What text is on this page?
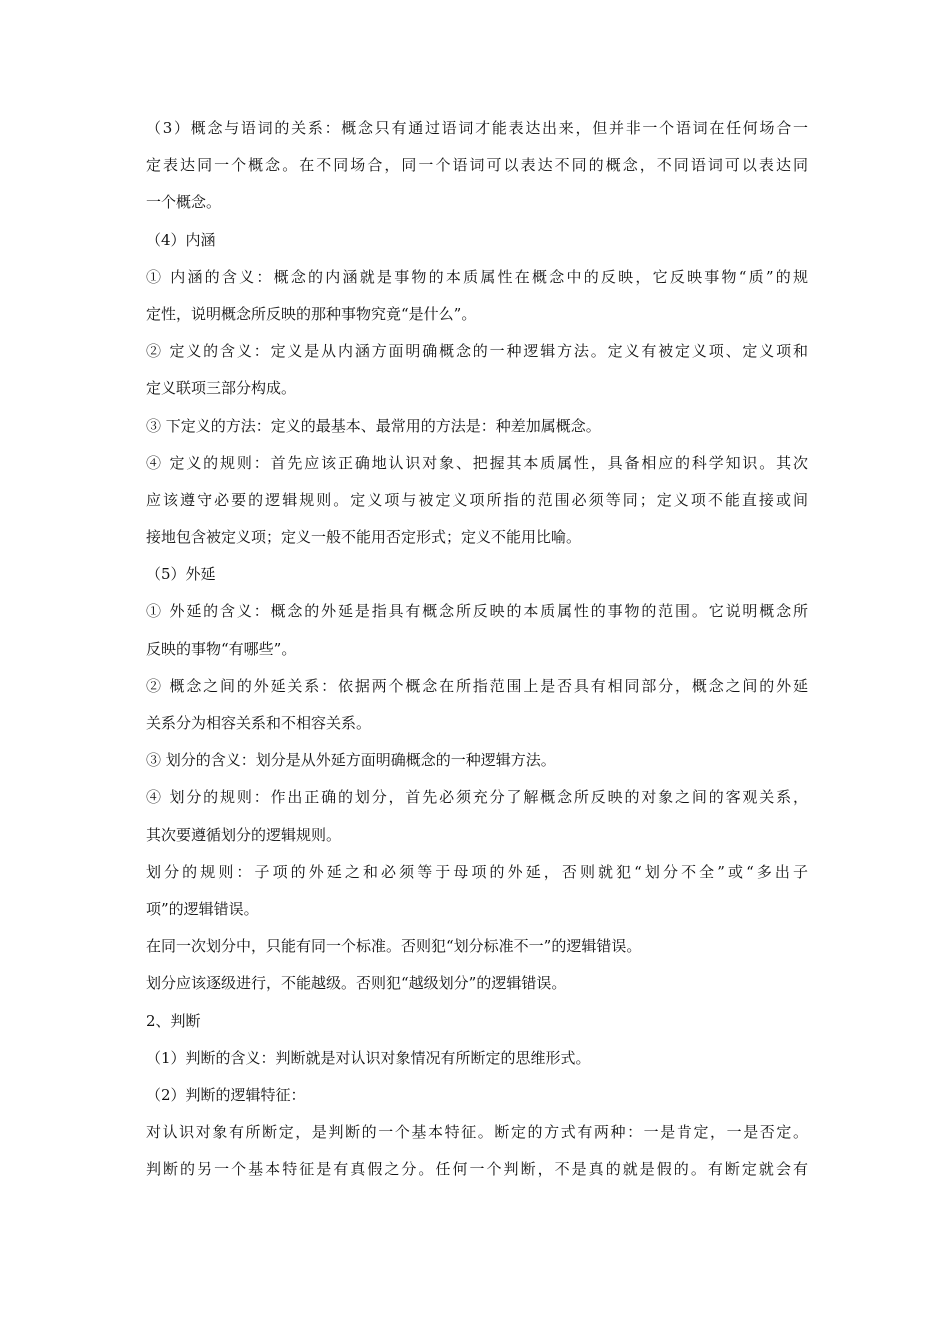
（3）概念与语词的关系：概念只有通过语词才能表达出来，但并非一个语词在任何场合一

定表达同一个概念。在不同场合，同一个语词可以表达不同的概念，不同语词可以表达同

一个概念。

（4）内涵

① 内涵的含义：概念的内涵就是事物的本质属性在概念中的反映，它反映事物“质”的规

定性，说明概念所反映的那种事物究竟“是什么”。

② 定义的含义：定义是从内涵方面明确概念的一种逻辑方法。定义有被定义项、定义项和

定义联项三部分构成。

③ 下定义的方法：定义的最基本、最常用的方法是：种差加属概念。

④ 定义的规则：首先应该正确地认识对象、把握其本质属性，具备相应的科学知识。其次

应该遵守必要的逻辑规则。定义项与被定义项所指的范围必须等同；定义项不能直接或间

接地包含被定义项；定义一般不能用否定形式；定义不能用比喻。

（5）外延

① 外延的含义：概念的外延是指具有概念所反映的本质属性的事物的范围。它说明概念所

反映的事物“有哪些”。

② 概念之间的外延关系：依据两个概念在所指范围上是否具有相同部分，概念之间的外延

关系分为相容关系和不相容关系。

③ 划分的含义：划分是从外延方面明确概念的一种逻辑方法。

④ 划分的规则：作出正确的划分，首先必须充分了解概念所反映的对象之间的客观关系，

其次要遵循划分的逻辑规则。

划分的规则：子项的外延之和必须等于母项的外延，否则就犯“划分不全”或“多出子

项”的逻辑错误。

在同一次划分中，只能有同一个标准。否则犯“划分标准不一”的逻辑错误。

划分应该逐级进行，不能越级。否则犯“越级划分”的逻辑错误。

2、判断

（1）判断的含义：判断就是对认识对象情况有所断定的思维形式。

（2）判断的逻辑特征：

对认识对象有所断定，是判断的一个基本特征。断定的方式有两种：一是肯定，一是否定。

判断的另一个基本特征是有真假之分。任何一个判断，不是真的就是假的。有断定就会有
